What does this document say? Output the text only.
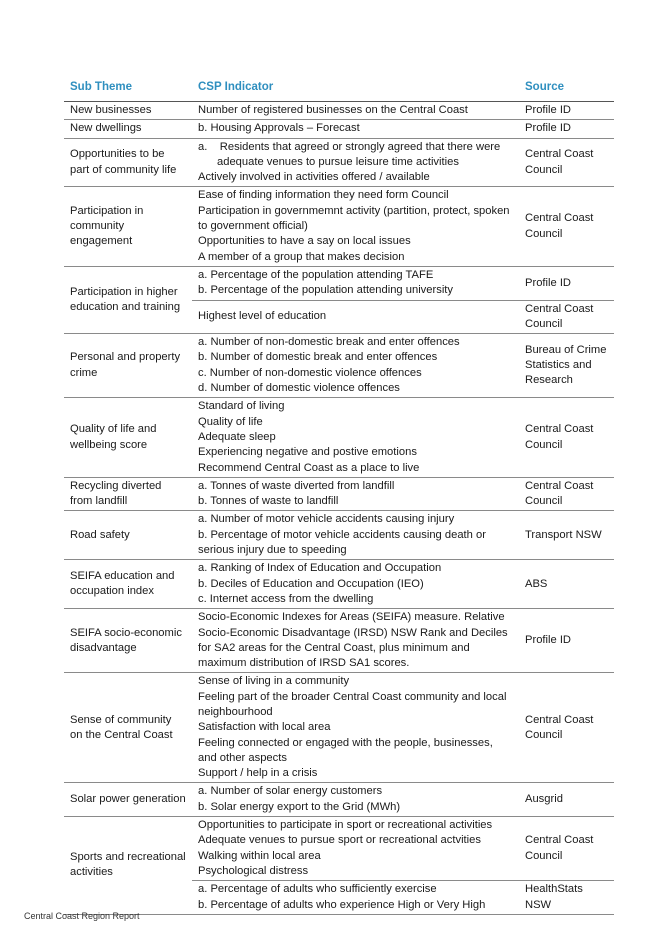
Sub Theme	CSP Indicator	Source
New businesses	Number of registered businesses on the Central Coast	Profile ID
New dwellings	b. Housing Approvals – Forecast	Profile ID
Opportunities to be part of community life	a.    Residents that agreed or strongly agreed that there were adequate venues to pursue leisure time activities
Actively involved in activities offered / available	Central Coast Council
Participation in community engagement	Ease of finding information they need form Council
Participation in governmemnt activity (partition, protect, spoken to government official)
Opportunities to have a say on local issues
A member of a group that makes decision	Central Coast Council
Participation in higher education and training	a. Percentage of the population attending TAFE
b. Percentage of the population attending university	Profile ID

	Highest level of education	Central Coast Council
Personal and property crime	a. Number of non-domestic break and enter offences
b. Number of domestic break and enter offences
c. Number of non-domestic violence offences
d. Number of domestic violence offences	Bureau of Crime Statistics and Research
Quality of life and wellbeing score	Standard of living
Quality of life
Adequate sleep
Experiencing negative and postive emotions
Recommend Central Coast as a place to live	Central Coast Council
Recycling diverted from landfill	a. Tonnes of waste diverted from landfill
b. Tonnes of waste to landfill	Central Coast Council
Road safety	a. Number of motor vehicle accidents causing injury
b. Percentage of motor vehicle accidents causing death or serious injury due to speeding	Transport NSW
SEIFA education and occupation index	a. Ranking of Index of Education and Occupation
b. Deciles of Education and Occupation (IEO)
c. Internet access from the dwelling	ABS
SEIFA socio-economic disadvantage	Socio-Economic Indexes for Areas (SEIFA) measure. Relative Socio-Economic Disadvantage (IRSD) NSW Rank and Deciles for SA2 areas for the Central Coast, plus minimum and maximum distribution of IRSD SA1 scores.	Profile ID
Sense of community on the Central Coast	Sense of living in a community
Feeling part of the broader Central Coast community and local neighbourhood
Satisfaction with local area
Feeling connected or engaged with the people, businesses, and other aspects
Support / help in a crisis	Central Coast Council
Solar power generation	a. Number of solar energy customers
b. Solar energy export to the Grid (MWh)	Ausgrid
Sports and recreational activities	Opportunities to participate in sport or recreational activities
Adequate venues to pursue sport or recreational actvities
Walking within local area
Psychological distress	Central Coast Council

	a. Percentage of adults who sufficiently exercise
b. Percentage of adults who experience High or Very High	HealthStats NSW
Central Coast Region Report
